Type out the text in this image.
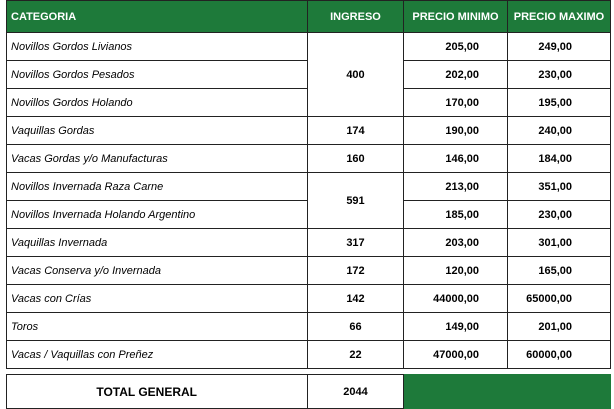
CATEGORIA	INGRESO	PRECIO MINIMO	PRECIO MAXIMO
Novillos Gordos Livianos	400	205,00	249,00
Novillos Gordos Pesados		202,00	230,00
Novillos Gordos Holando		170,00	195,00
Vaquillas Gordas	174	190,00	240,00
Vacas Gordas y/o Manufacturas	160	146,00	184,00
Novillos Invernada Raza Carne	591	213,00	351,00
Novillos Invernada Holando Argentino		185,00	230,00
Vaquillas Invernada	317	203,00	301,00
Vacas Conserva y/o Invernada	172	120,00	165,00
Vacas con Crías	142	44000,00	65000,00
Toros	66	149,00	201,00
Vacas / Vaquillas con Preñez	22	47000,00	60000,00

TOTAL GENERAL	2044		
